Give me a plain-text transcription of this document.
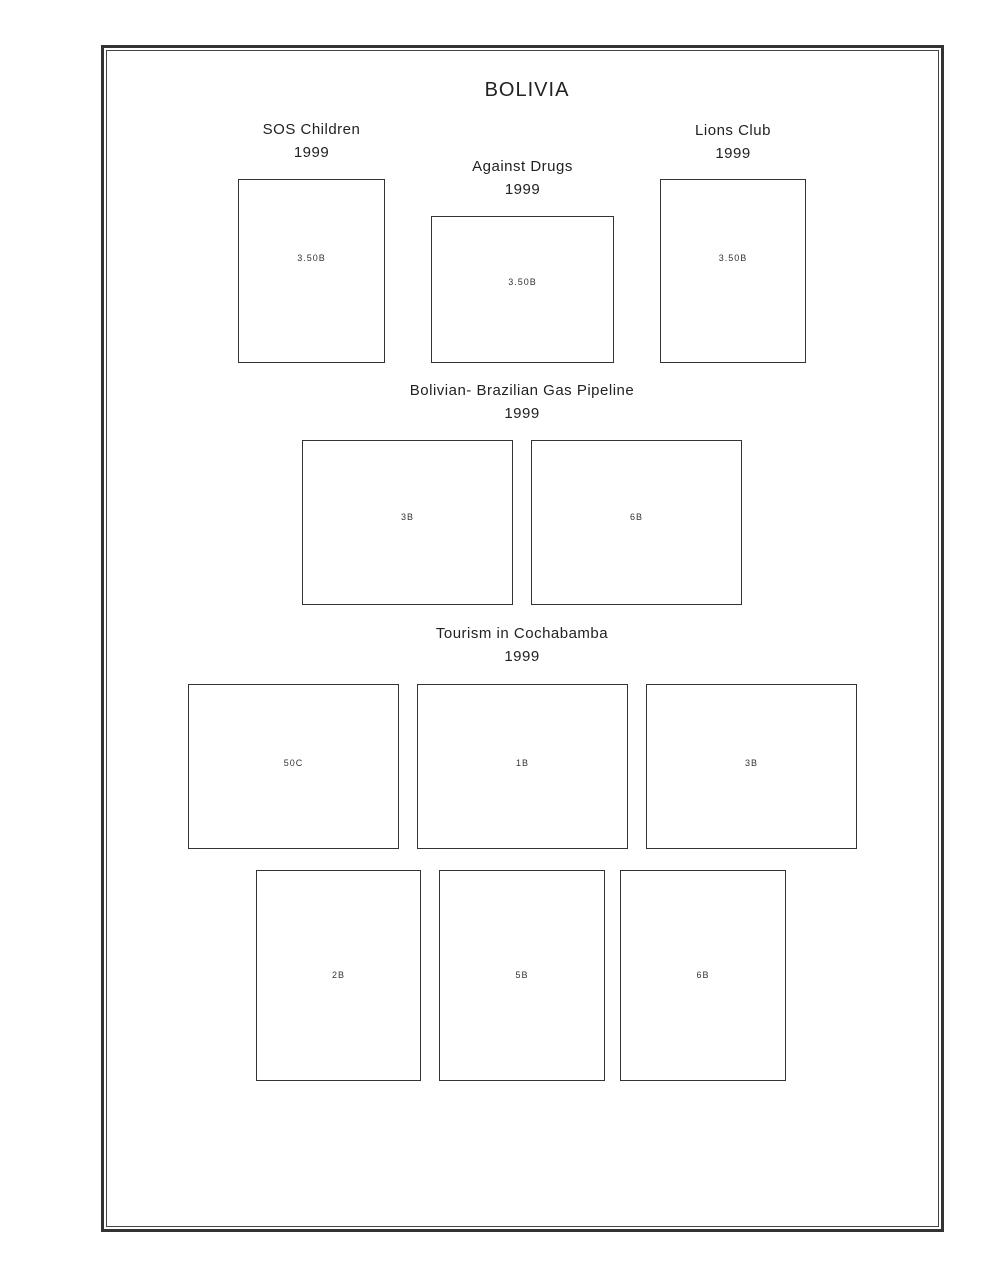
BOLIVIA
SOS Children
1999
3.50B
Against Drugs
1999
3.50B
Lions Club
1999
3.50B
Bolivian- Brazilian Gas Pipeline
1999
3B	6B
Tourism in Cochabamba
1999
50C	1B	3B
2B	5B	6B
